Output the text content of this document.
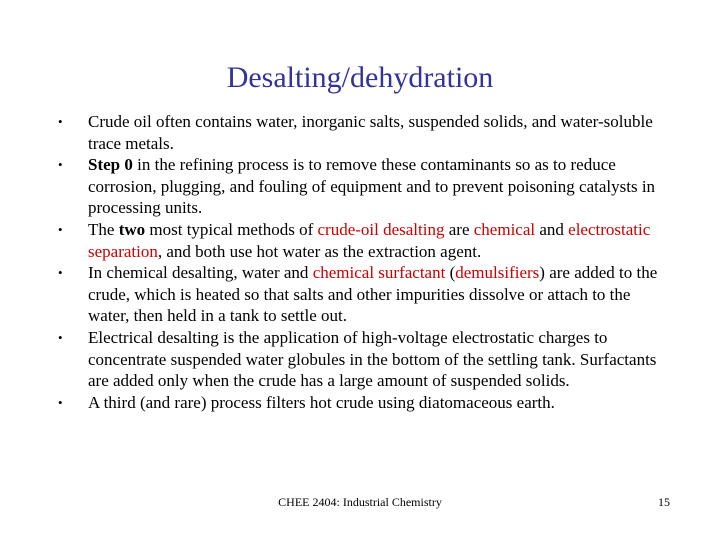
Desalting/dehydration
• Crude oil often contains water, inorganic salts, suspended solids, and water-soluble trace metals.
• Step 0 in the refining process is to remove these contaminants so as to reduce corrosion, plugging, and fouling of equipment and to prevent poisoning catalysts in processing units.
• The two most typical methods of crude-oil desalting are chemical and electrostatic separation, and both use hot water as the extraction agent.
• In chemical desalting, water and chemical surfactant (demulsifiers) are added to the crude, which is heated so that salts and other impurities dissolve or attach to the water, then held in a tank to settle out.
• Electrical desalting is the application of high-voltage electrostatic charges to concentrate suspended water globules in the bottom of the settling tank. Surfactants are added only when the crude has a large amount of suspended solids.
• A third (and rare) process filters hot crude using diatomaceous earth.
CHEE 2404: Industrial Chemistry	15
